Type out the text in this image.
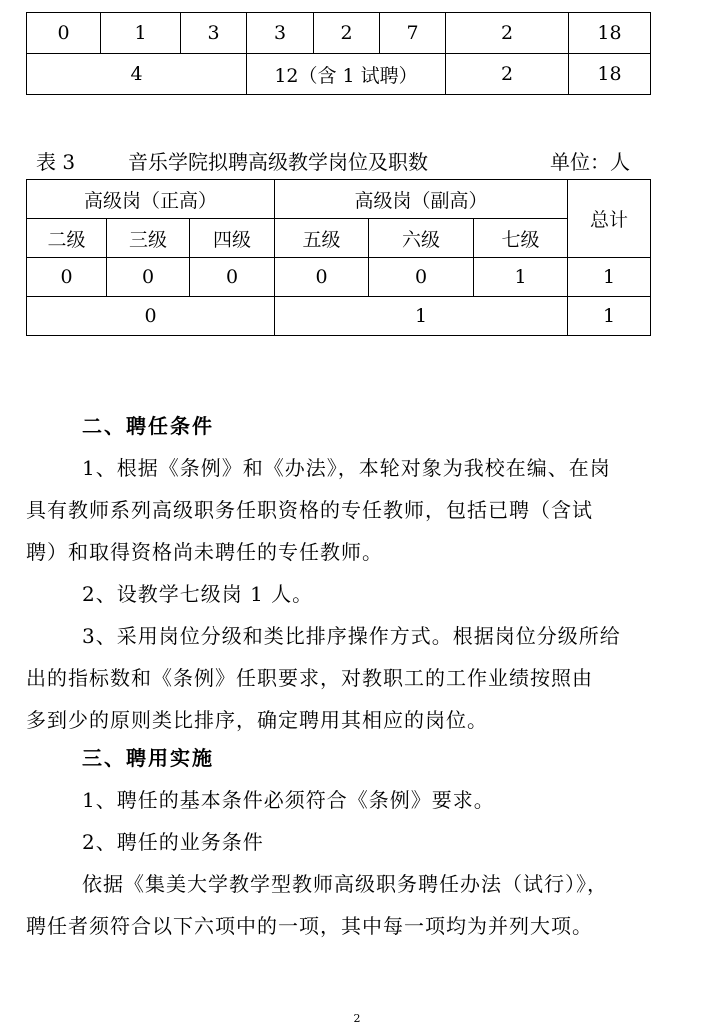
0	1	3	3	2	7	2	18
4			12（含 1 试聘）			2	18
表 3	音乐学院拟聘高级教学岗位及职数	单位：人
高级岗（正高）			高级岗（副高）			总计
二级	三级	四级	五级	六级	七级	
0	0	0	0	0	1	1
0			1			1
二、聘任条件
1、根据《条例》和《办法》，本轮对象为我校在编、在岗
具有教师系列高级职务任职资格的专任教师，包括已聘（含试
聘）和取得资格尚未聘任的专任教师。
2、设教学七级岗 1 人。
3、采用岗位分级和类比排序操作方式。根据岗位分级所给
出的指标数和《条例》任职要求，对教职工的工作业绩按照由
多到少的原则类比排序，确定聘用其相应的岗位。
三、聘用实施
1、聘任的基本条件必须符合《条例》要求。
2、聘任的业务条件
依据《集美大学教学型教师高级职务聘任办法（试行）》，
聘任者须符合以下六项中的一项，其中每一项均为并列大项。
2
